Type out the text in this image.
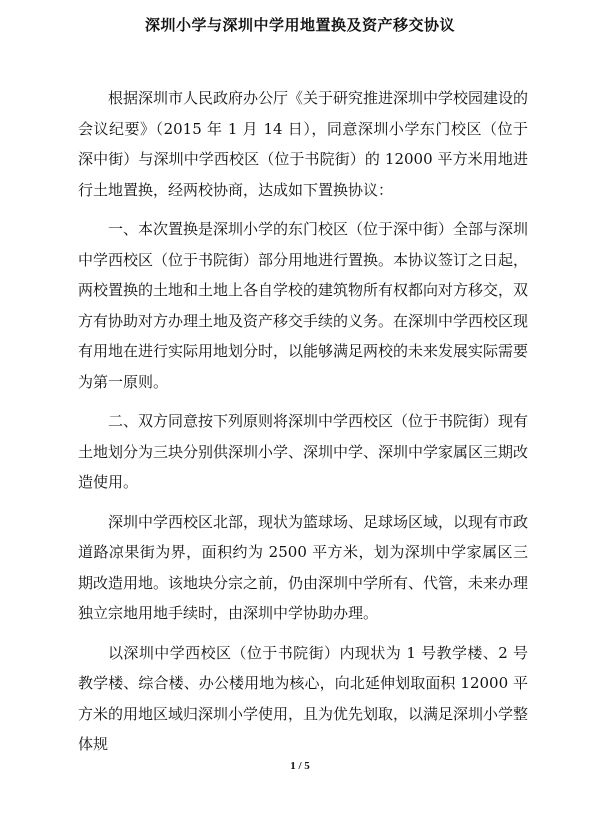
深圳小学与深圳中学用地置换及资产移交协议

根据深圳市人民政府办公厅《关于研究推进深圳中学校园建设的会议纪要》（2015 年 1 月 14 日），同意深圳小学东门校区（位于深中街）与深圳中学西校区（位于书院街）的 12000 平方米用地进行土地置换，经两校协商，达成如下置换协议：

一、本次置换是深圳小学的东门校区（位于深中街）全部与深圳中学西校区（位于书院街）部分用地进行置换。本协议签订之日起，两校置换的土地和土地上各自学校的建筑物所有权都向对方移交，双方有协助对方办理土地及资产移交手续的义务。在深圳中学西校区现有用地在进行实际用地划分时，以能够满足两校的未来发展实际需要为第一原则。

二、双方同意按下列原则将深圳中学西校区（位于书院街）现有土地划分为三块分别供深圳小学、深圳中学、深圳中学家属区三期改造使用。

深圳中学西校区北部，现状为篮球场、足球场区域，以现有市政道路凉果街为界，面积约为 2500 平方米，划为深圳中学家属区三期改造用地。该地块分宗之前，仍由深圳中学所有、代管，未来办理独立宗地用地手续时，由深圳中学协助办理。

以深圳中学西校区（位于书院街）内现状为 1 号教学楼、2 号教学楼、综合楼、办公楼用地为核心，向北延伸划取面积 12000 平方米的用地区域归深圳小学使用，且为优先划取，以满足深圳小学整体规

1 / 5
